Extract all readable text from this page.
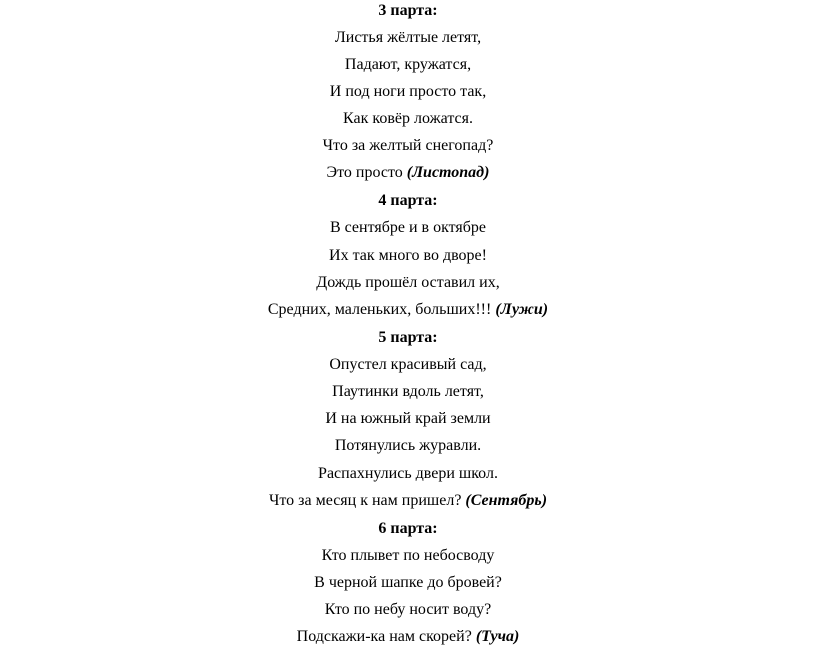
3 парта:
Листья жёлтые летят,
Падают, кружатся,
И под ноги просто так,
Как ковёр ложатся.
Что за желтый снегопад?
Это просто (Листопад)
4 парта:
В сентябре и в октябре
Их так много во дворе!
Дождь прошёл оставил их,
Средних, маленьких, больших!!! (Лужи)
5 парта:
Опустел красивый сад,
Паутинки вдоль летят,
И на южный край земли
Потянулись журавли.
Распахнулись двери школ.
Что за месяц к нам пришел? (Сентябрь)
6 парта:
Кто плывет по небосводу
В черной шапке до бровей?
Кто по небу носит воду?
Подскажи-ка нам скорей? (Туча)
